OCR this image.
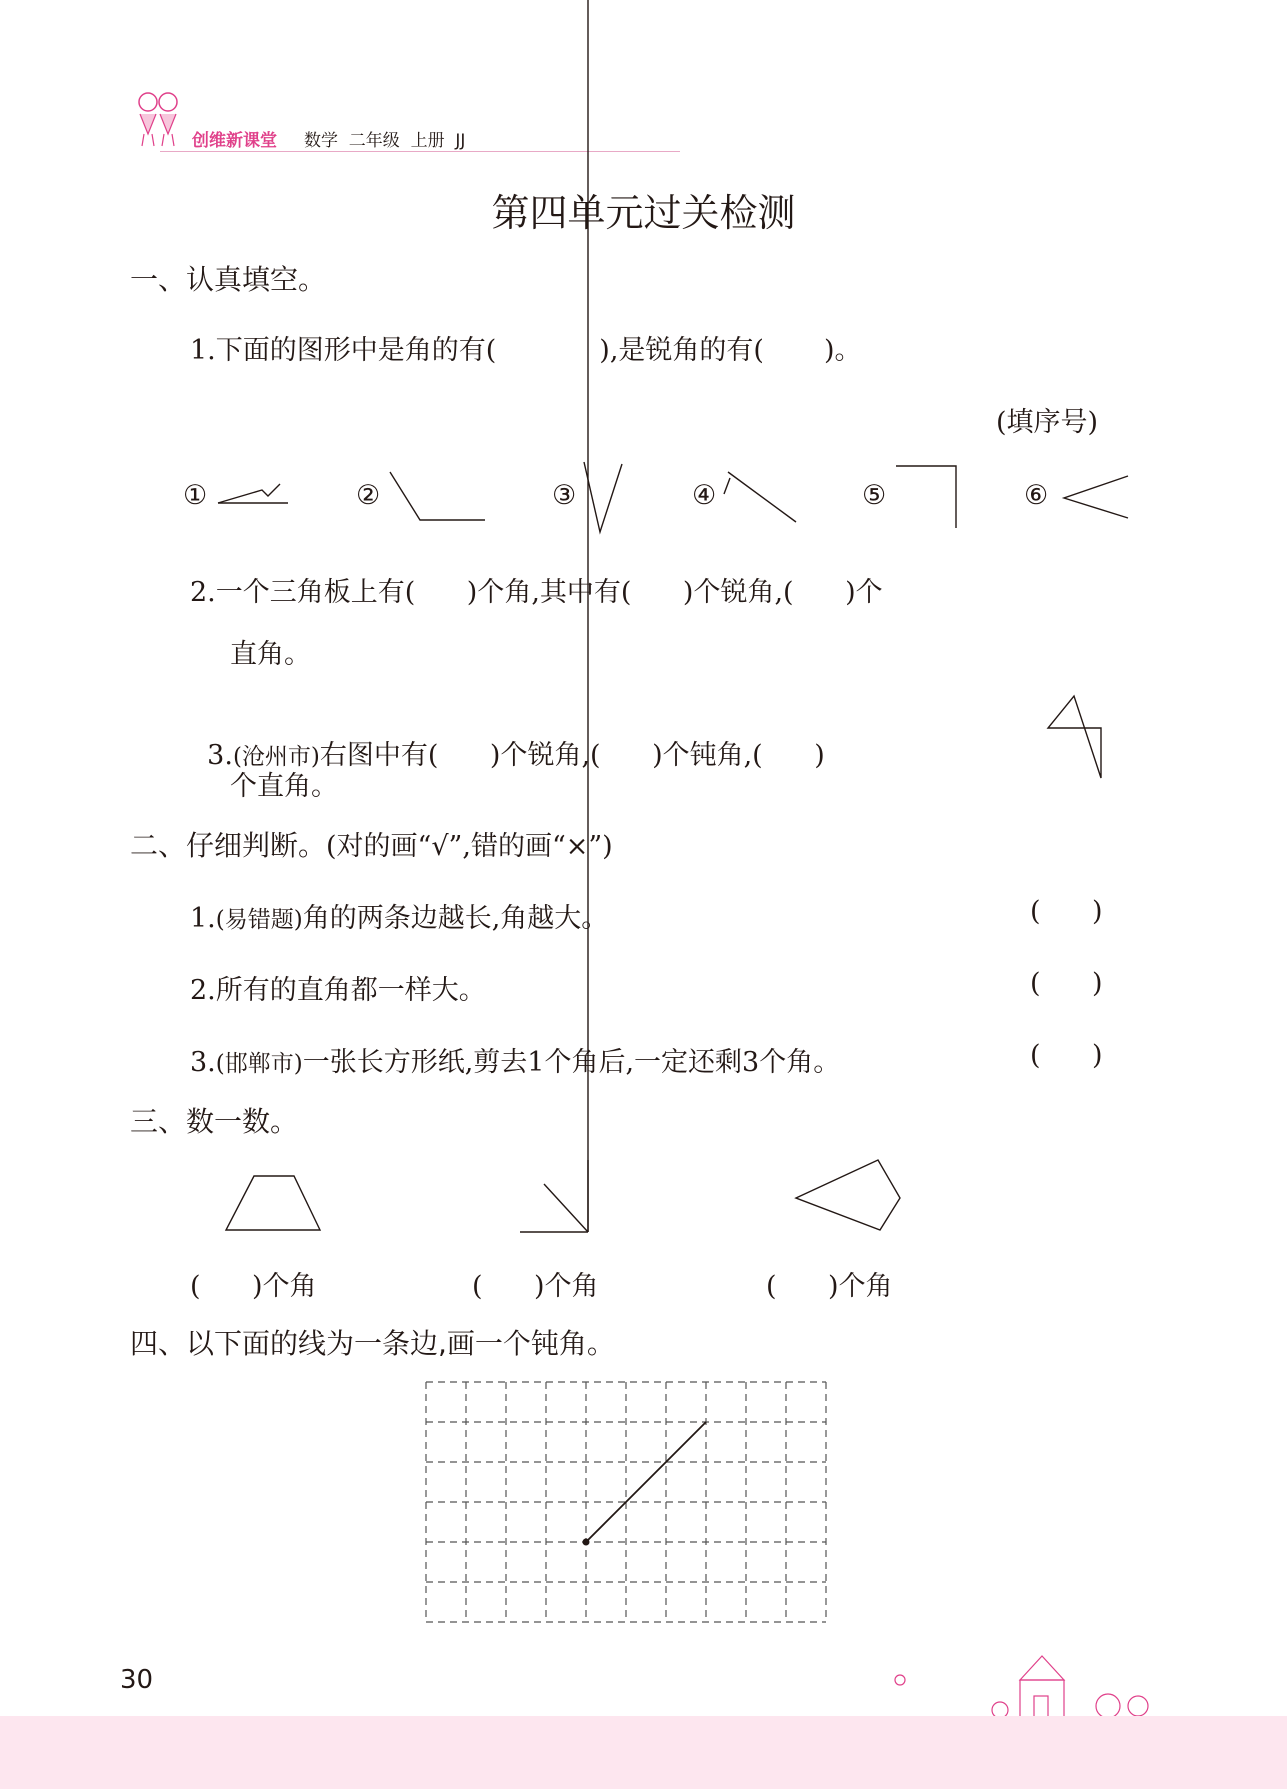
创维新课堂 数学  二年级  上册  JJ
第四单元过关检测
一、认真填空。
1.下面的图形中是角的有(            ),是锐角的有(       )。
(填序号)
①	②	③	④	⑤	⑥
2.一个三角板上有(      )个角,其中有(      )个锐角,(      )个
直角。

3.(沧州市)右图中有(      )个锐角,(      )个钝角,(      )

个直角。
二、仔细判断。(对的画“√”,错的画“×”)
1.(易错题)角的两条边越长,角越大。	(      )
2.所有的直角都一样大。	(      )
3.(邯郸市)一张长方形纸,剪去1个角后,一定还剩3个角。	(      )
三、数一数。
(      )个角	(      )个角	(      )个角
四、以下面的线为一条边,画一个钝角。
30
